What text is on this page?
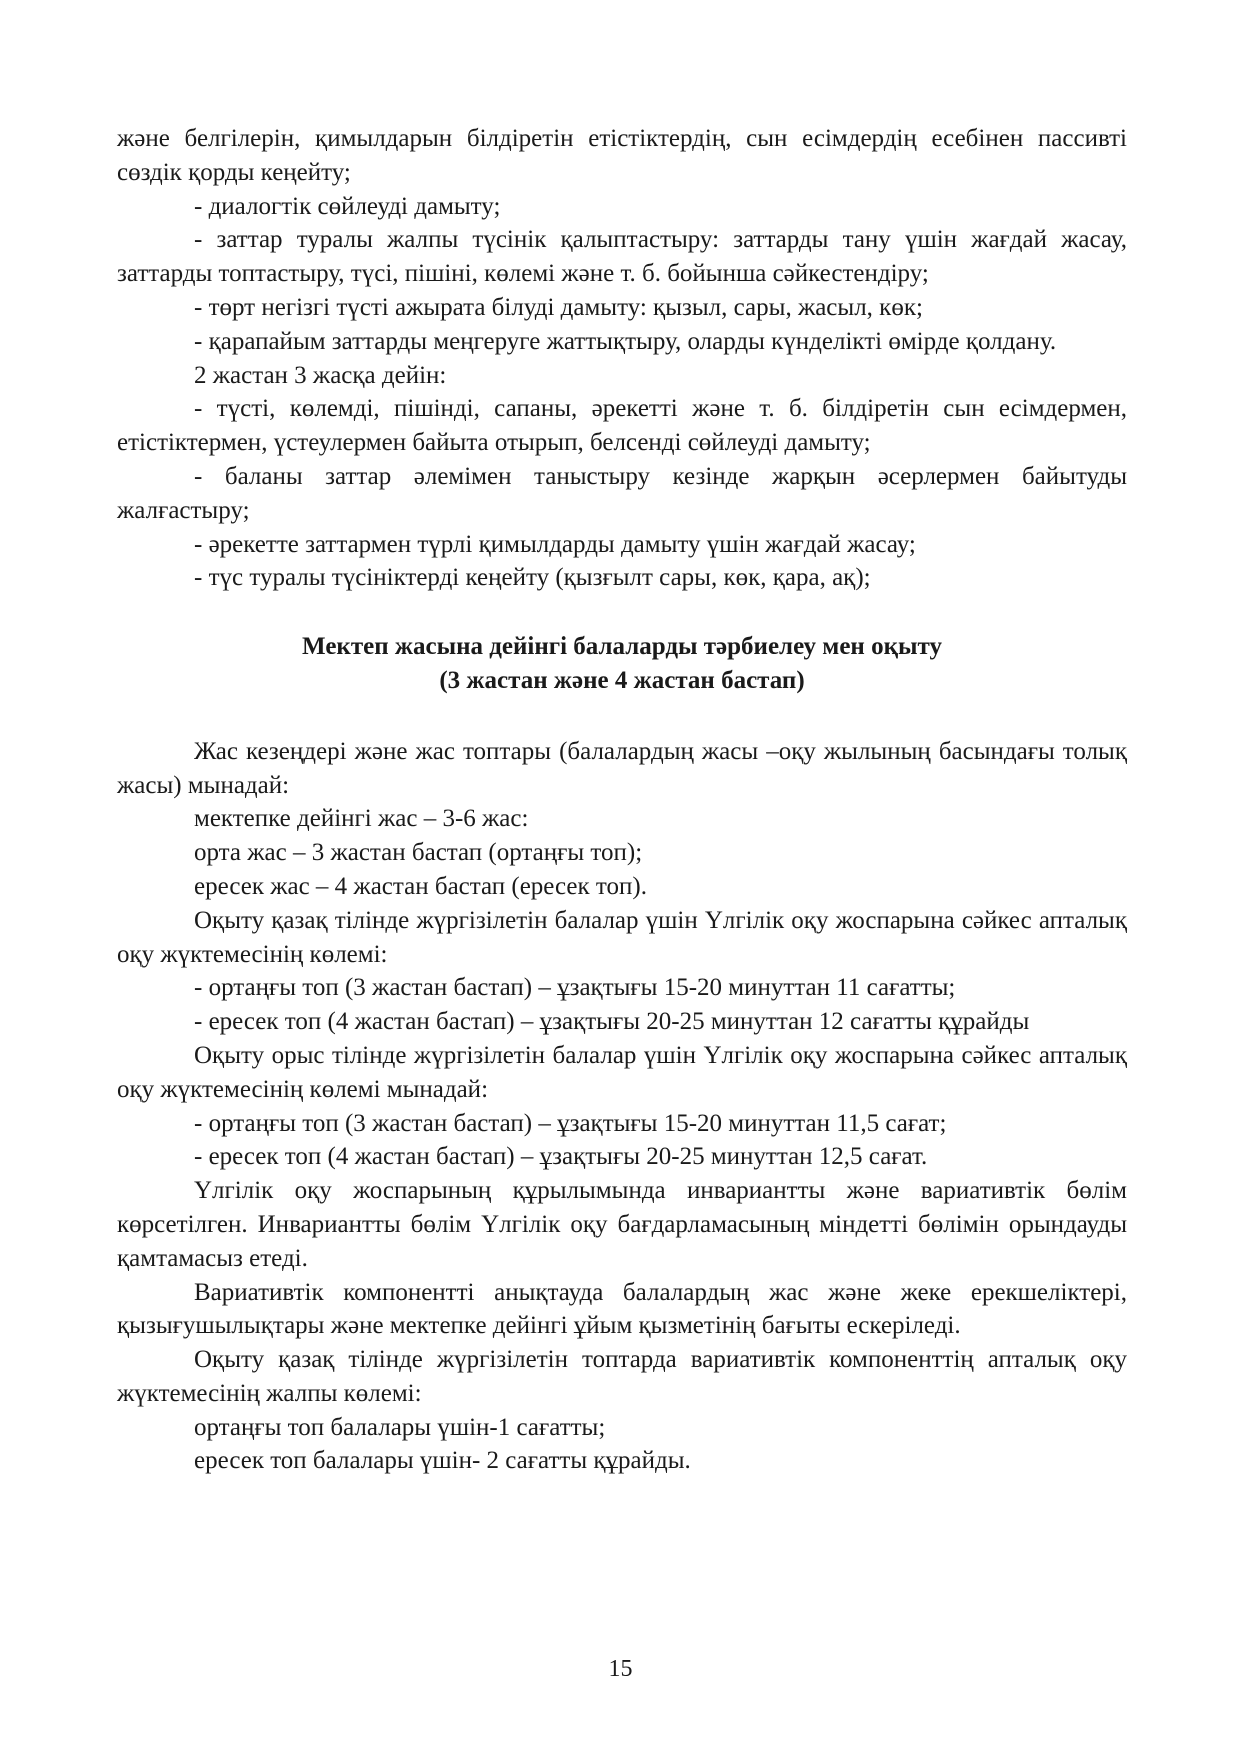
және белгілерін, қимылдарын білдіретін етістіктердің, сын есімдердің есебінен пассивті сөздік қорды кеңейту;

- диалогтік сөйлеуді дамыту;

- заттар туралы жалпы түсінік қалыптастыру: заттарды тану үшін жағдай жасау, заттарды топтастыру, түсі, пішіні, көлемі және т. б. бойынша сәйкестендіру;

- төрт негізгі түсті ажырата білуді дамыту: қызыл, сары, жасыл, көк;

- қарапайым заттарды меңгеруге жаттықтыру, оларды күнделікті өмірде қолдану.

2 жастан 3 жасқа дейін:

- түсті, көлемді, пішінді, сапаны, әрекетті және т. б. білдіретін сын есімдермен, етістіктермен, үстеулермен байыта отырып, белсенді сөйлеуді дамыту;

- баланы заттар әлемімен таныстыру кезінде жарқын әсерлермен байытуды жалғастыру;

- әрекетте заттармен түрлі қимылдарды дамыту үшін жағдай жасау;

- түс туралы түсініктерді кеңейту (қызғылт сары, көк, қара, ақ);

Мектеп жасына дейінгі балаларды тәрбиелеу мен оқыту

(3 жастан және 4 жастан бастап)

Жас кезеңдері және жас топтары (балалардың жасы –оқу жылының басындағы толық жасы) мынадай:

мектепке дейінгі жас – 3-6 жас:

орта жас – 3 жастан бастап (ортаңғы топ);

ересек жас – 4 жастан бастап (ересек топ).

Оқыту қазақ тілінде жүргізілетін балалар үшін Үлгілік оқу жоспарына сәйкес апталық оқу жүктемесінің көлемі:

- ортаңғы топ (3 жастан бастап) – ұзақтығы 15-20 минуттан 11 сағатты;

- ересек топ (4 жастан бастап) – ұзақтығы 20-25 минуттан 12 сағатты құрайды

Оқыту орыс тілінде жүргізілетін балалар үшін Үлгілік оқу жоспарына сәйкес апталық оқу жүктемесінің көлемі мынадай:

- ортаңғы топ (3 жастан бастап) – ұзақтығы 15-20 минуттан 11,5 сағат;

- ересек топ (4 жастан бастап) – ұзақтығы 20-25 минуттан 12,5 сағат.

Үлгілік оқу жоспарының құрылымында инвариантты және вариативтік бөлім көрсетілген. Инвариантты бөлім Үлгілік оқу бағдарламасының міндетті бөлімін орындауды қамтамасыз етеді.

Вариативтік компонентті анықтауда балалардың жас және жеке ерекшеліктері, қызығушылықтары және мектепке дейінгі ұйым қызметінің бағыты ескеріледі.

Оқыту қазақ тілінде жүргізілетін топтарда вариативтік компоненттің апталық оқу жүктемесінің жалпы көлемі:

ортаңғы топ балалары үшін-1 сағатты;

ересек топ балалары үшін- 2 сағатты құрайды.

15
